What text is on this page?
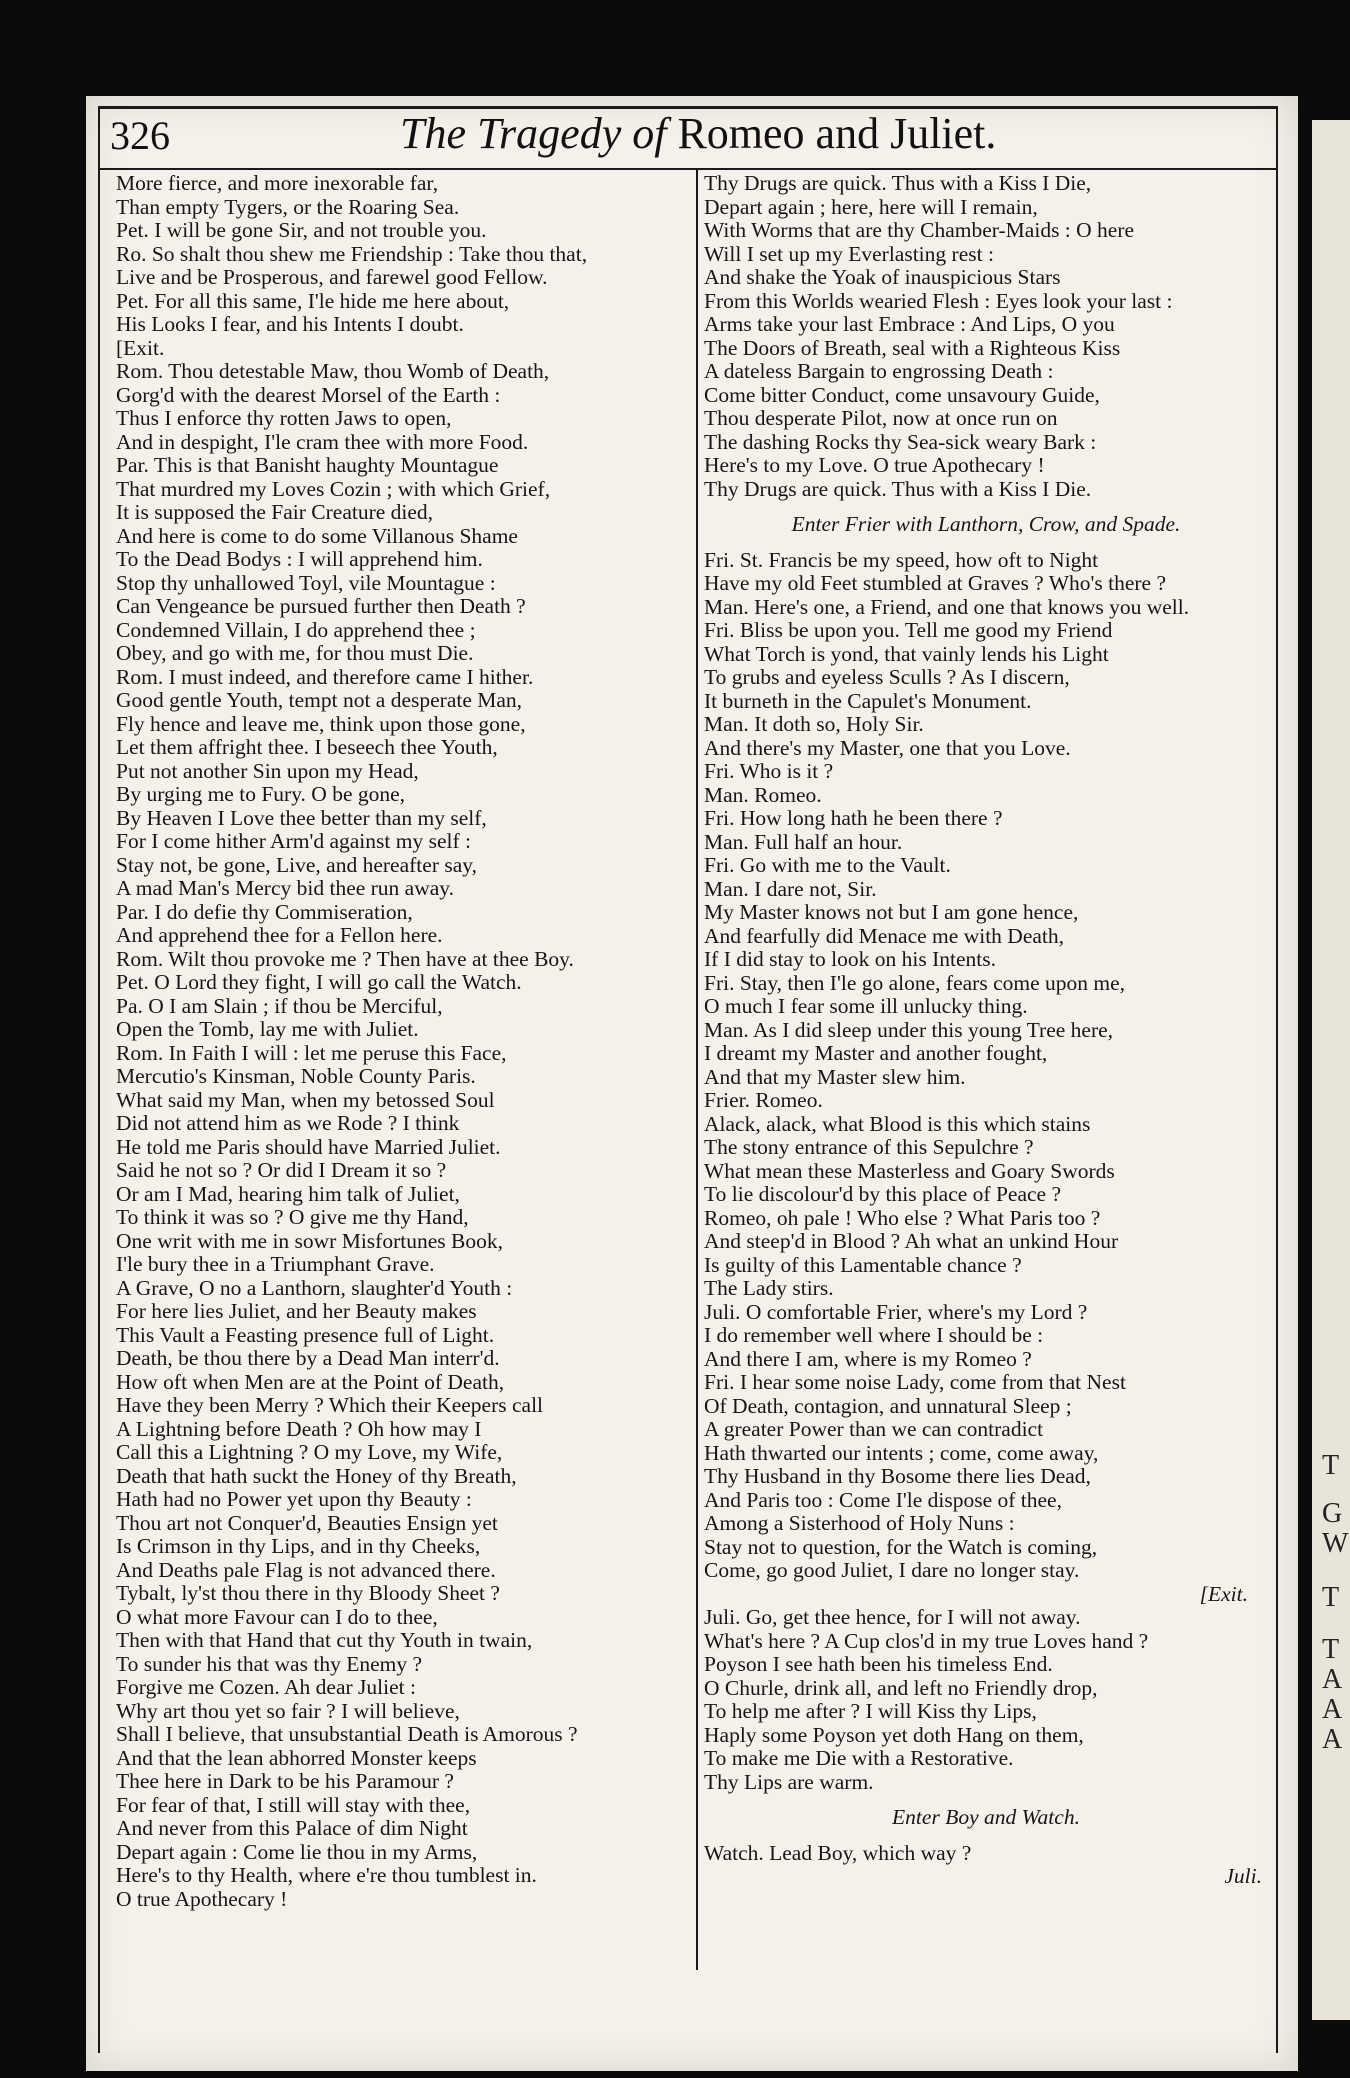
T
G
W
T
T
A
A
A
326	The Tragedy of Romeo and Juliet.
More fierce, and more inexorable far,
Than empty Tygers, or the Roaring Sea.
Pet. I will be gone Sir, and not trouble you.
Ro. So shalt thou shew me Friendship : Take thou that,
Live and be Prosperous, and farewel good Fellow.
Pet. For all this same, I'le hide me here about,
His Looks I fear, and his Intents I doubt.
[Exit.
Rom. Thou detestable Maw, thou Womb of Death,
Gorg'd with the dearest Morsel of the Earth :
Thus I enforce thy rotten Jaws to open,
And in despight, I'le cram thee with more Food.
Par. This is that Banisht haughty Mountague
That murdred my Loves Cozin ; with which Grief,
It is supposed the Fair Creature died,
And here is come to do some Villanous Shame
To the Dead Bodys : I will apprehend him.
Stop thy unhallowed Toyl, vile Mountague :
Can Vengeance be pursued further then Death ?
Condemned Villain, I do apprehend thee ;
Obey, and go with me, for thou must Die.
Rom. I must indeed, and therefore came I hither.
Good gentle Youth, tempt not a desperate Man,
Fly hence and leave me, think upon those gone,
Let them affright thee. I beseech thee Youth,
Put not another Sin upon my Head,
By urging me to Fury. O be gone,
By Heaven I Love thee better than my self,
For I come hither Arm'd against my self :
Stay not, be gone, Live, and hereafter say,
A mad Man's Mercy bid thee run away.
Par. I do defie thy Commiseration,
And apprehend thee for a Fellon here.
Rom. Wilt thou provoke me ? Then have at thee Boy.
Pet. O Lord they fight, I will go call the Watch.
Pa. O I am Slain ; if thou be Merciful,
Open the Tomb, lay me with Juliet.
Rom. In Faith I will : let me peruse this Face,
Mercutio's Kinsman, Noble County Paris.
What said my Man, when my betossed Soul
Did not attend him as we Rode ? I think
He told me Paris should have Married Juliet.
Said he not so ? Or did I Dream it so ?
Or am I Mad, hearing him talk of Juliet,
To think it was so ? O give me thy Hand,
One writ with me in sowr Misfortunes Book,
I'le bury thee in a Triumphant Grave.
A Grave, O no a Lanthorn, slaughter'd Youth :
For here lies Juliet, and her Beauty makes
This Vault a Feasting presence full of Light.
Death, be thou there by a Dead Man interr'd.
How oft when Men are at the Point of Death,
Have they been Merry ? Which their Keepers call
A Lightning before Death ? Oh how may I
Call this a Lightning ? O my Love, my Wife,
Death that hath suckt the Honey of thy Breath,
Hath had no Power yet upon thy Beauty :
Thou art not Conquer'd, Beauties Ensign yet
Is Crimson in thy Lips, and in thy Cheeks,
And Deaths pale Flag is not advanced there.
Tybalt, ly'st thou there in thy Bloody Sheet ?
O what more Favour can I do to thee,
Then with that Hand that cut thy Youth in twain,
To sunder his that was thy Enemy ?
Forgive me Cozen. Ah dear Juliet :
Why art thou yet so fair ? I will believe,
Shall I believe, that unsubstantial Death is Amorous ?
And that the lean abhorred Monster keeps
Thee here in Dark to be his Paramour ?
For fear of that, I still will stay with thee,
And never from this Palace of dim Night
Depart again : Come lie thou in my Arms,
Here's to thy Health, where e're thou tumblest in.
O true Apothecary !
Thy Drugs are quick. Thus with a Kiss I Die,
Depart again ; here, here will I remain,
With Worms that are thy Chamber-Maids : O here
Will I set up my Everlasting rest :
And shake the Yoak of inauspicious Stars
From this Worlds wearied Flesh : Eyes look your last :
Arms take your last Embrace : And Lips, O you
The Doors of Breath, seal with a Righteous Kiss
A dateless Bargain to engrossing Death :
Come bitter Conduct, come unsavoury Guide,
Thou desperate Pilot, now at once run on
The dashing Rocks thy Sea-sick weary Bark :
Here's to my Love. O true Apothecary !
Thy Drugs are quick. Thus with a Kiss I Die.
Enter Frier with Lanthorn, Crow, and Spade.
Fri. St. Francis be my speed, how oft to Night
Have my old Feet stumbled at Graves ? Who's there ?
Man. Here's one, a Friend, and one that knows you well.
Fri. Bliss be upon you. Tell me good my Friend
What Torch is yond, that vainly lends his Light
To grubs and eyeless Sculls ? As I discern,
It burneth in the Capulet's Monument.
Man. It doth so, Holy Sir.
And there's my Master, one that you Love.
Fri. Who is it ?
Man. Romeo.
Fri. How long hath he been there ?
Man. Full half an hour.
Fri. Go with me to the Vault.
Man. I dare not, Sir.
My Master knows not but I am gone hence,
And fearfully did Menace me with Death,
If I did stay to look on his Intents.
Fri. Stay, then I'le go alone, fears come upon me,
O much I fear some ill unlucky thing.
Man. As I did sleep under this young Tree here,
I dreamt my Master and another fought,
And that my Master slew him.
Frier. Romeo.
Alack, alack, what Blood is this which stains
The stony entrance of this Sepulchre ?
What mean these Masterless and Goary Swords
To lie discolour'd by this place of Peace ?
Romeo, oh pale ! Who else ? What Paris too ?
And steep'd in Blood ? Ah what an unkind Hour
Is guilty of this Lamentable chance ?
The Lady stirs.
Juli. O comfortable Frier, where's my Lord ?
I do remember well where I should be :
And there I am, where is my Romeo ?
Fri. I hear some noise Lady, come from that Nest
Of Death, contagion, and unnatural Sleep ;
A greater Power than we can contradict
Hath thwarted our intents ; come, come away,
Thy Husband in thy Bosome there lies Dead,
And Paris too : Come I'le dispose of thee,
Among a Sisterhood of Holy Nuns :
Stay not to question, for the Watch is coming,
Come, go good Juliet, I dare no longer stay.
[Exit.
Juli. Go, get thee hence, for I will not away.
What's here ? A Cup clos'd in my true Loves hand ?
Poyson I see hath been his timeless End.
O Churle, drink all, and left no Friendly drop,
To help me after ? I will Kiss thy Lips,
Haply some Poyson yet doth Hang on them,
To make me Die with a Restorative.
Thy Lips are warm.
Enter Boy and Watch.
Watch. Lead Boy, which way ?
Juli.
